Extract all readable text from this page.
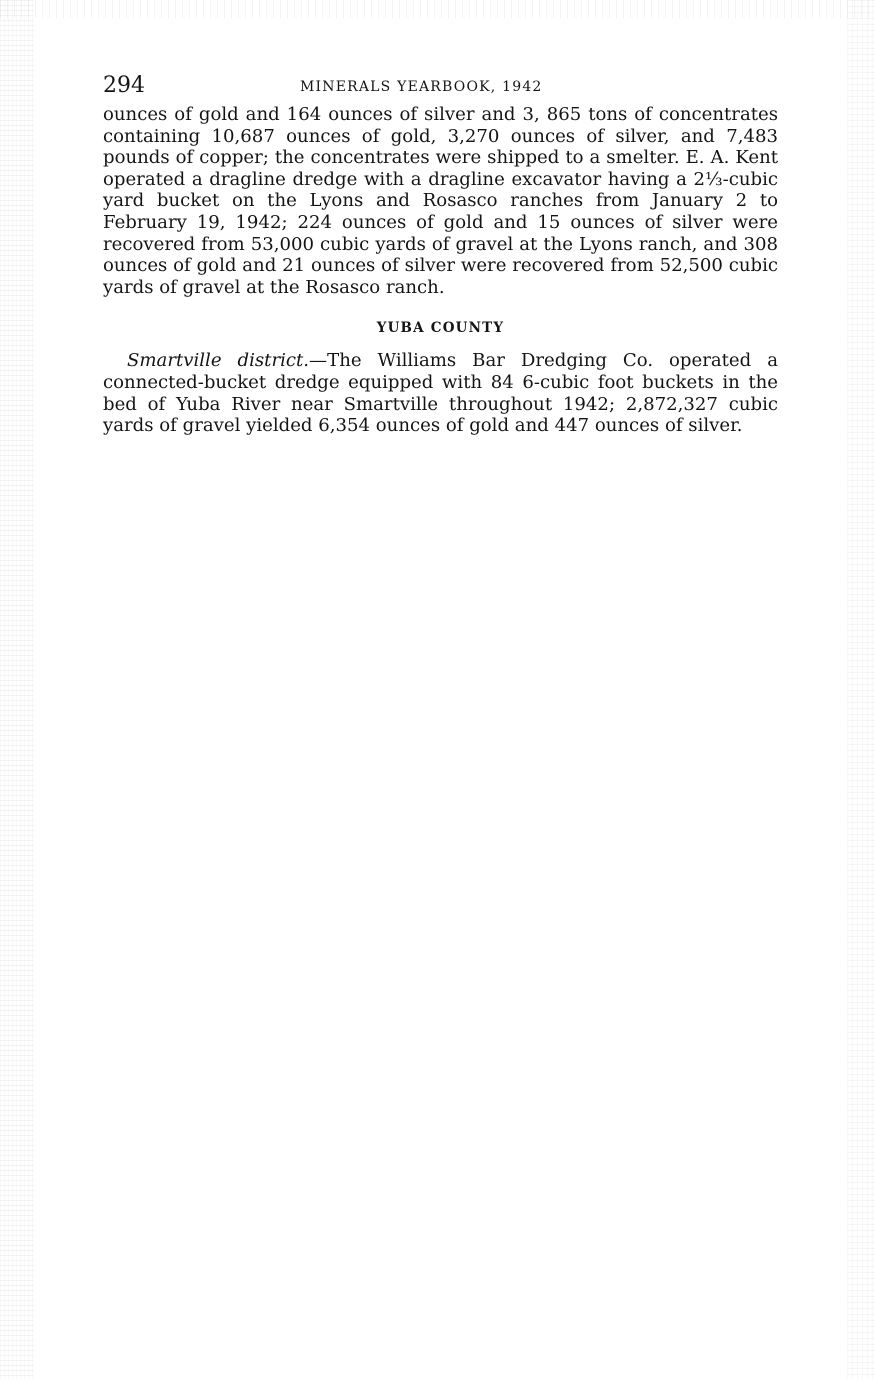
294	MINERALS YEARBOOK, 1942

ounces of gold and 164 ounces of silver and 3, 865 tons of concentrates containing 10,687 ounces of gold, 3,270 ounces of silver, and 7,483 pounds of copper; the concentrates were shipped to a smelter. E. A. Kent operated a dragline dredge with a dragline excavator having a 2⅓-cubic yard bucket on the Lyons and Rosasco ranches from January 2 to February 19, 1942; 224 ounces of gold and 15 ounces of silver were recovered from 53,000 cubic yards of gravel at the Lyons ranch, and 308 ounces of gold and 21 ounces of silver were recovered from 52,500 cubic yards of gravel at the Rosasco ranch.

YUBA COUNTY

Smartville district.—The Williams Bar Dredging Co. operated a connected-bucket dredge equipped with 84 6-cubic foot buckets in the bed of Yuba River near Smartville throughout 1942; 2,872,327 cubic yards of gravel yielded 6,354 ounces of gold and 447 ounces of silver.
